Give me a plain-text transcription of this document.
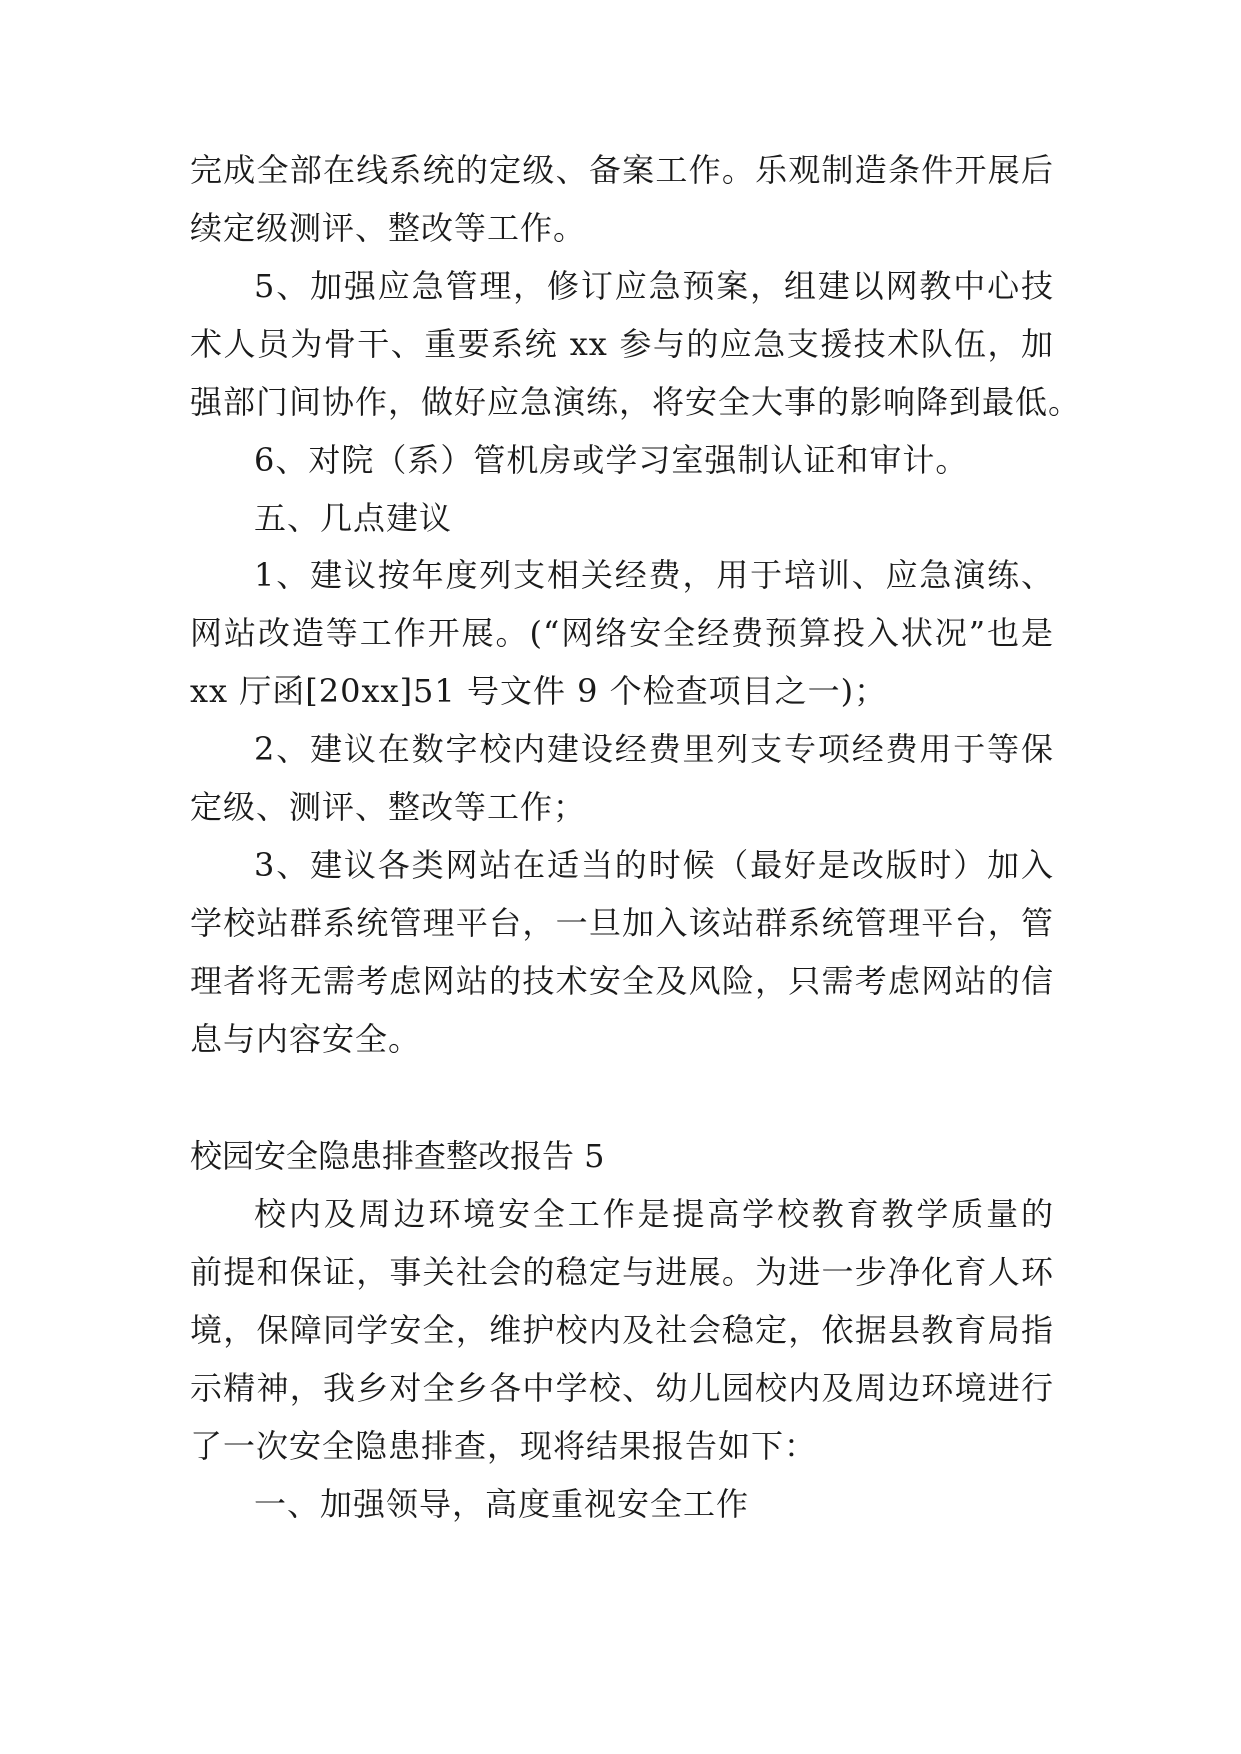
完成全部在线系统的定级、备案工作。乐观制造条件开展后
续定级测评、整改等工作。
5、加强应急管理，修订应急预案，组建以网教中心技
术人员为骨干、重要系统 xx 参与的应急支援技术队伍，加
强部门间协作，做好应急演练，将安全大事的影响降到最低。
6、对院（系）管机房或学习室强制认证和审计。
五、几点建议
1、建议按年度列支相关经费，用于培训、应急演练、
网站改造等工作开展。(“网络安全经费预算投入状况”也是
xx 厅函[20xx]51 号文件 9 个检查项目之一)；
2、建议在数字校内建设经费里列支专项经费用于等保
定级、测评、整改等工作；
3、建议各类网站在适当的时候（最好是改版时）加入
学校站群系统管理平台，一旦加入该站群系统管理平台，管
理者将无需考虑网站的技术安全及风险，只需考虑网站的信
息与内容安全。
校园安全隐患排查整改报告 5
校内及周边环境安全工作是提高学校教育教学质量的
前提和保证，事关社会的稳定与进展。为进一步净化育人环
境，保障同学安全，维护校内及社会稳定，依据县教育局指
示精神，我乡对全乡各中学校、幼儿园校内及周边环境进行
了一次安全隐患排查，现将结果报告如下：
一、加强领导，高度重视安全工作
